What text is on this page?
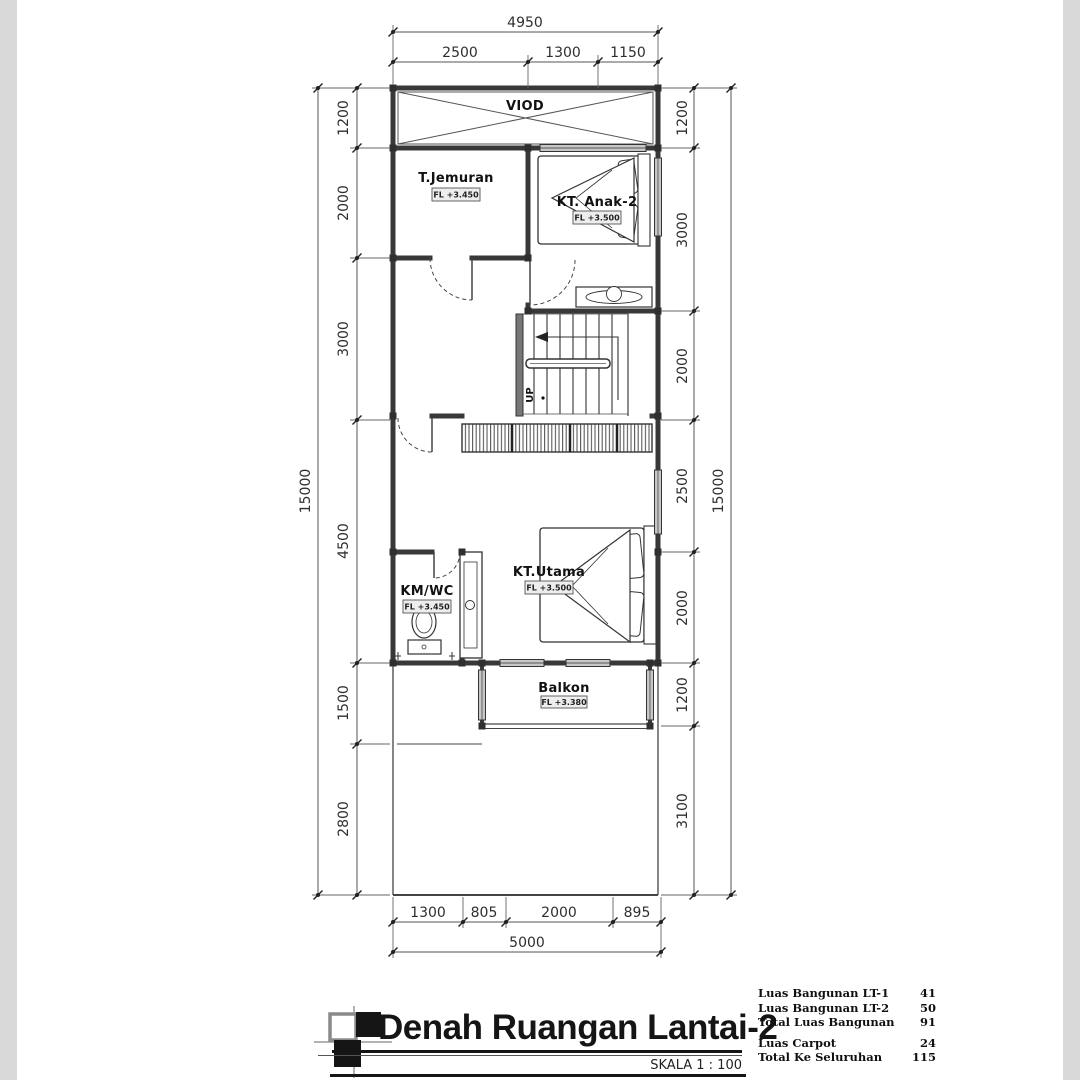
UP
VIOD
T.Jemuran
FL +3.450	KT. Anak-2
FL +3.500
KM/WC
FL +3.450
KT.Utama
FL +3.500
Balkon
FL +3.380
4950
2500	1300 1150
1300 805	2000	895
5000
1200
2000
3000
4500
1500
2800
15000
1200
3000
2000
2500
2000
1200
3100
15000
Denah Ruangan Lantai-2
SKALA 1 : 100
Luas Bangunan LT-1	41
Luas Bangunan LT-2	50
Total Luas Bangunan 91
Luas Carpot	24
Total Ke Seluruhan	115
